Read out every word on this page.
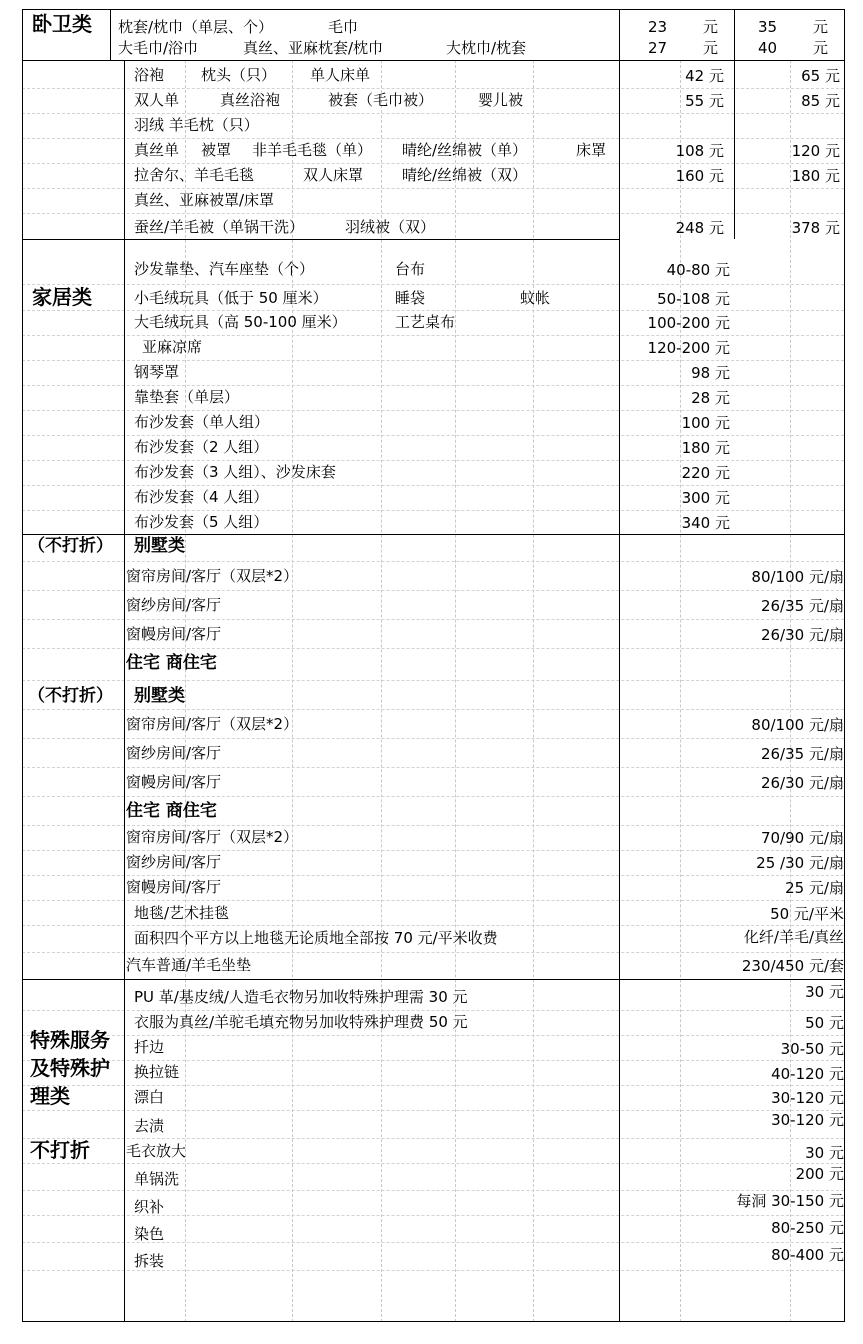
卧卫类 枕套/枕巾（单层、个）	毛巾	23 元	35 元
大毛巾/浴巾	真丝、亚麻枕套/枕巾	大枕巾/枕套	27 元	40 元
浴袍 枕头（只） 单人床单	42 元	65 元
双人单	真丝浴袍	被套（毛巾被）	婴儿被	55 元	85 元
羽绒 羊毛枕（只）
真丝单 被罩 非羊毛毛毯（单） 晴纶/丝绵被（单）	床罩	108 元	120 元
拉舍尔、羊毛毛毯	双人床罩	晴纶/丝绵被（双）	160 元	180 元
真丝、亚麻被罩/床罩
蚕丝/羊毛被（单锅干洗）	羽绒被（双）	248 元	378 元
家居类
沙发靠垫、汽车座垫（个）	台布	40-80 元
小毛绒玩具（低于 50 厘米）	睡袋	蚊帐	50-108 元
大毛绒玩具（高 50-100 厘米）	工艺桌布	100-200 元
亚麻凉席	120-200 元
钢琴罩	98 元
靠垫套（单层）	28 元
布沙发套（单人组）	100 元
布沙发套（2 人组）	180 元
布沙发套（3 人组）、沙发床套	220 元
布沙发套（4 人组）	300 元
布沙发套（5 人组）	340 元
（不打折） 别墅类
窗帘房间/客厅（双层*2）	80/100 元/扇
窗纱房间/客厅	26/35 元/扇
窗幔房间/客厅	26/30 元/扇
住宅 商住宅
（不打折） 别墅类
窗帘房间/客厅（双层*2）	80/100 元/扇
窗纱房间/客厅	26/35 元/扇
窗幔房间/客厅	26/30 元/扇
住宅 商住宅
窗帘房间/客厅（双层*2）	70/90 元/扇
窗纱房间/客厅	25 /30 元/扇
窗幔房间/客厅	25 元/扇
地毯/艺术挂毯	50 元/平米
面积四个平方以上地毯无论质地全部按 70 元/平米收费	化纤/羊毛/真丝
汽车普通/羊毛坐垫	230/450 元/套
特殊服务
及特殊护
理类
不打折
PU 革/基皮绒/人造毛衣物另加收特殊护理需 30 元	30 元
衣服为真丝/羊驼毛填充物另加收特殊护理费 50 元	50 元
扦边	30-50 元
换拉链	40-120 元
漂白	30-120 元
去渍	30-120 元
毛衣放大	30 元
单锅洗	200 元
织补	每洞 30-150 元
染色	80-250 元
拆装	80-400 元
